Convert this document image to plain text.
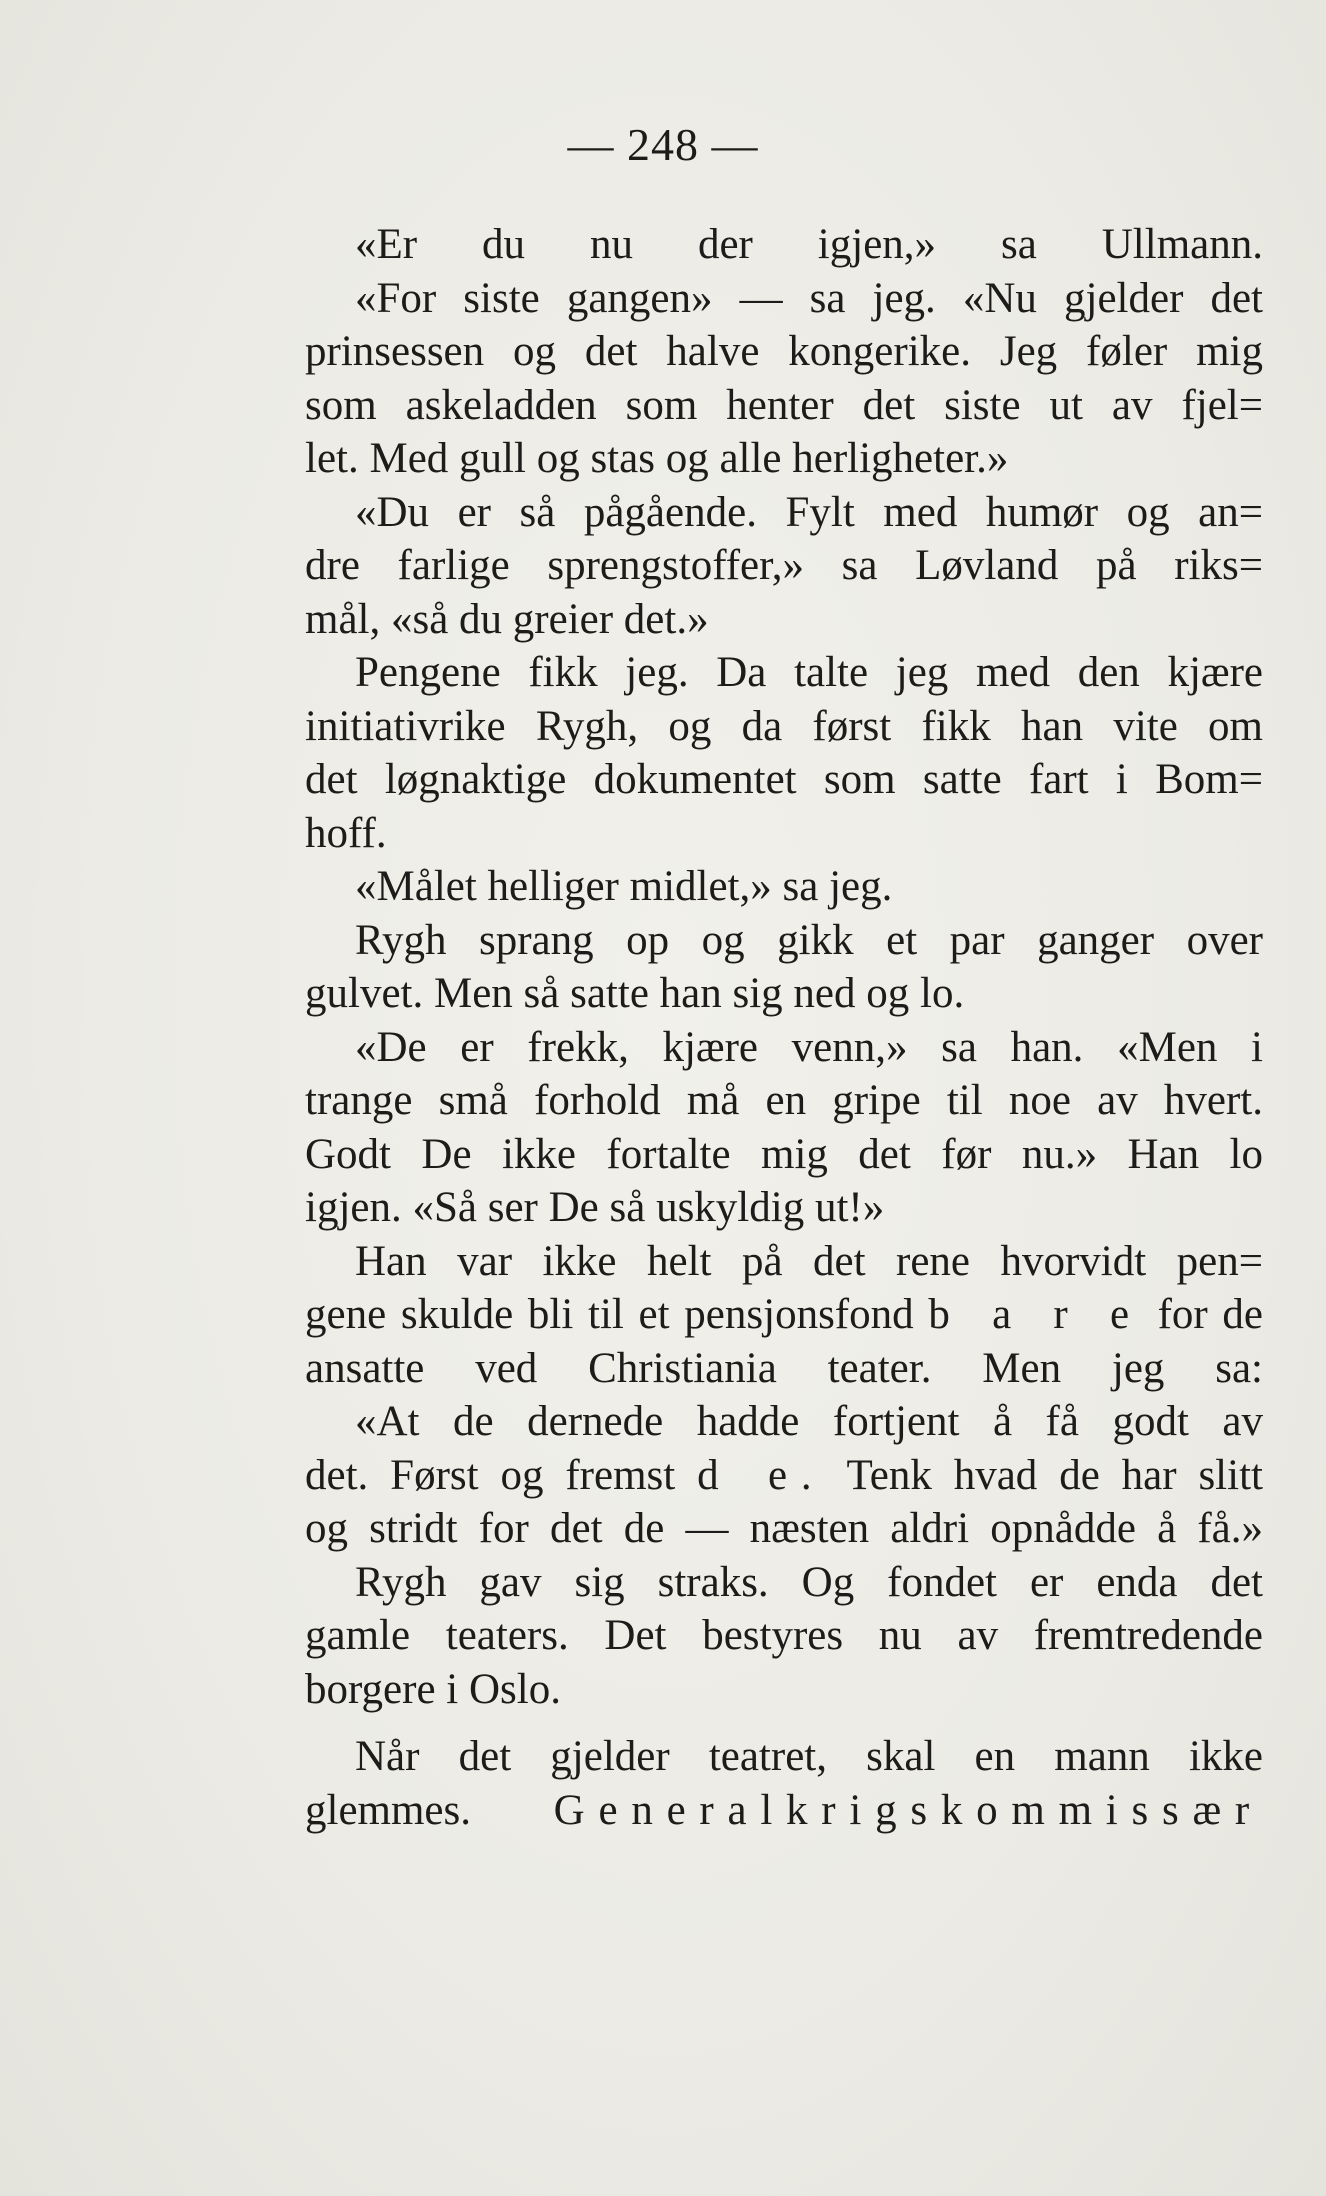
— 248 —
«Er du nu der igjen,» sa Ullmann.
«For siste gangen» — sa jeg. «Nu gjelder det
prinsessen og det halve kongerike. Jeg føler mig
som askeladden som henter det siste ut av fjel=
let. Med gull og stas og alle herligheter.»
«Du er så pågående. Fylt med humør og an=
dre farlige sprengstoffer,» sa Løvland på riks=
mål, «så du greier det.»
Pengene fikk jeg. Da talte jeg med den kjære
initiativrike Rygh, og da først fikk han vite om
det løgnaktige dokumentet som satte fart i Bom=
hoff.
«Målet helliger midlet,» sa jeg.
Rygh sprang op og gikk et par ganger over
gulvet. Men så satte han sig ned og lo.
«De er frekk, kjære venn,» sa han. «Men i
trange små forhold må en gripe til noe av hvert.
Godt De ikke fortalte mig det før nu.» Han lo
igjen. «Så ser De så uskyldig ut!»
Han var ikke helt på det rene hvorvidt pen=
gene skulde bli til et pensjonsfond b a r e for de
ansatte ved Christiania teater. Men jeg sa:
«At de dernede hadde fortjent å få godt av
det. Først og fremst d e. Tenk hvad de har slitt
og stridt for det de — næsten aldri opnådde å få.»
Rygh gav sig straks. Og fondet er enda det
gamle teaters. Det bestyres nu av fremtredende
borgere i Oslo.
Når det gjelder teatret, skal en mann ikke
glemmes. Generalkrigskommissær
